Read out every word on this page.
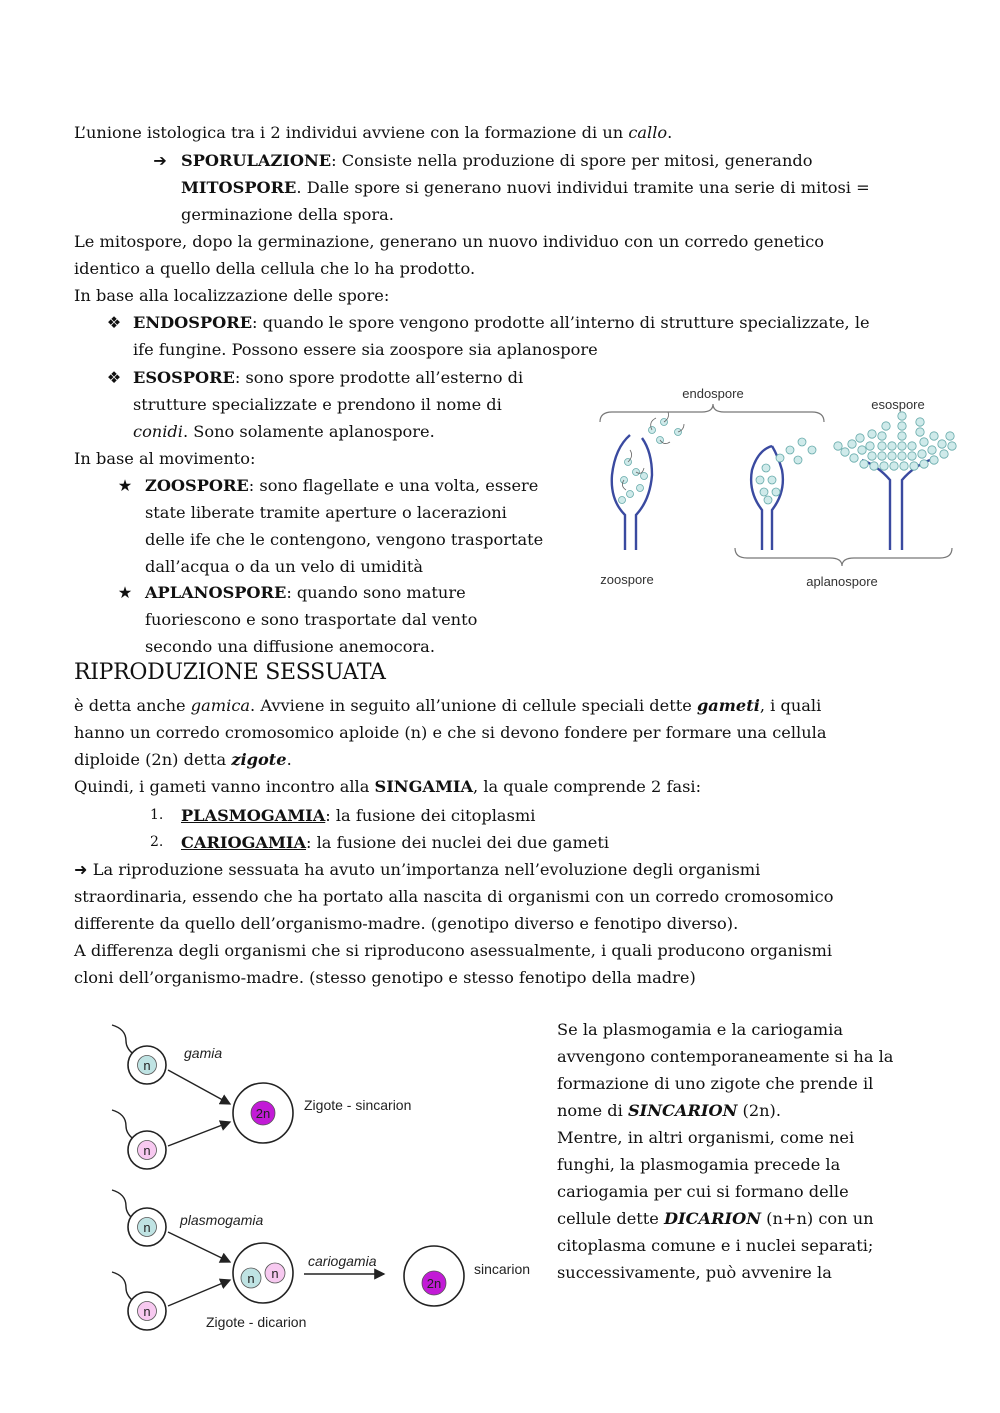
L’unione istologica tra i 2 individui avviene con la formazione di un callo.
➔ SPORULAZIONE: Consiste nella produzione di spore per mitosi, generando
MITOSPORE. Dalle spore si generano nuovi individui tramite una serie di mitosi =
germinazione della spora.
Le mitospore, dopo la germinazione, generano un nuovo individuo con un corredo genetico
identico a quello della cellula che lo ha prodotto.
In base alla localizzazione delle spore:
❖ ENDOSPORE: quando le spore vengono prodotte all’interno di strutture specializzate, le
ife fungine. Possono essere sia zoospore sia aplanospore
❖ ESOSPORE: sono spore prodotte all’esterno di
strutture specializzate e prendono il nome di
conidi. Sono solamente aplanospore.
In base al movimento:
★ ZOOSPORE: sono flagellate e una volta, essere
state liberate tramite aperture o lacerazioni
delle ife che le contengono, vengono trasportate
dall’acqua o da un velo di umidità
★ APLANOSPORE: quando sono mature
fuoriescono e sono trasportate dal vento
secondo una diffusione anemocora.
endospore
esospore
zoospore	aplanospore
RIPRODUZIONE SESSUATA
è detta anche gamica. Avviene in seguito all’unione di cellule speciali dette gameti, i quali
hanno un corredo cromosomico aploide (n) e che si devono fondere per formare una cellula
diploide (2n) detta zigote.
Quindi, i gameti vanno incontro alla SINGAMIA, la quale comprende 2 fasi:
1. PLASMOGAMIA: la fusione dei citoplasmi
2. CARIOGAMIA: la fusione dei nuclei dei due gameti
➜ La riproduzione sessuata ha avuto un’importanza nell’evoluzione degli organismi
straordinaria, essendo che ha portato alla nascita di organismi con un corredo cromosomico
differente da quello dell’organismo-madre. (genotipo diverso e fenotipo diverso).
A differenza degli organismi che si riproducono asessualmente, i quali producono organismi
cloni dell’organismo-madre. (stesso genotipo e stesso fenotipo della madre)
n
n
gamia
2n
Zigote - sincarion
n
n
plasmogamia
n n
Zigote - dicarion
cariogamia
2n
sincarion
Se la plasmogamia e la cariogamia
avvengono contemporaneamente si ha la
formazione di uno zigote che prende il
nome di SINCARION (2n).
Mentre, in altri organismi, come nei
funghi, la plasmogamia precede la
cariogamia per cui si formano delle
cellule dette DICARION (n+n) con un
citoplasma comune e i nuclei separati;
successivamente, può avvenire la
